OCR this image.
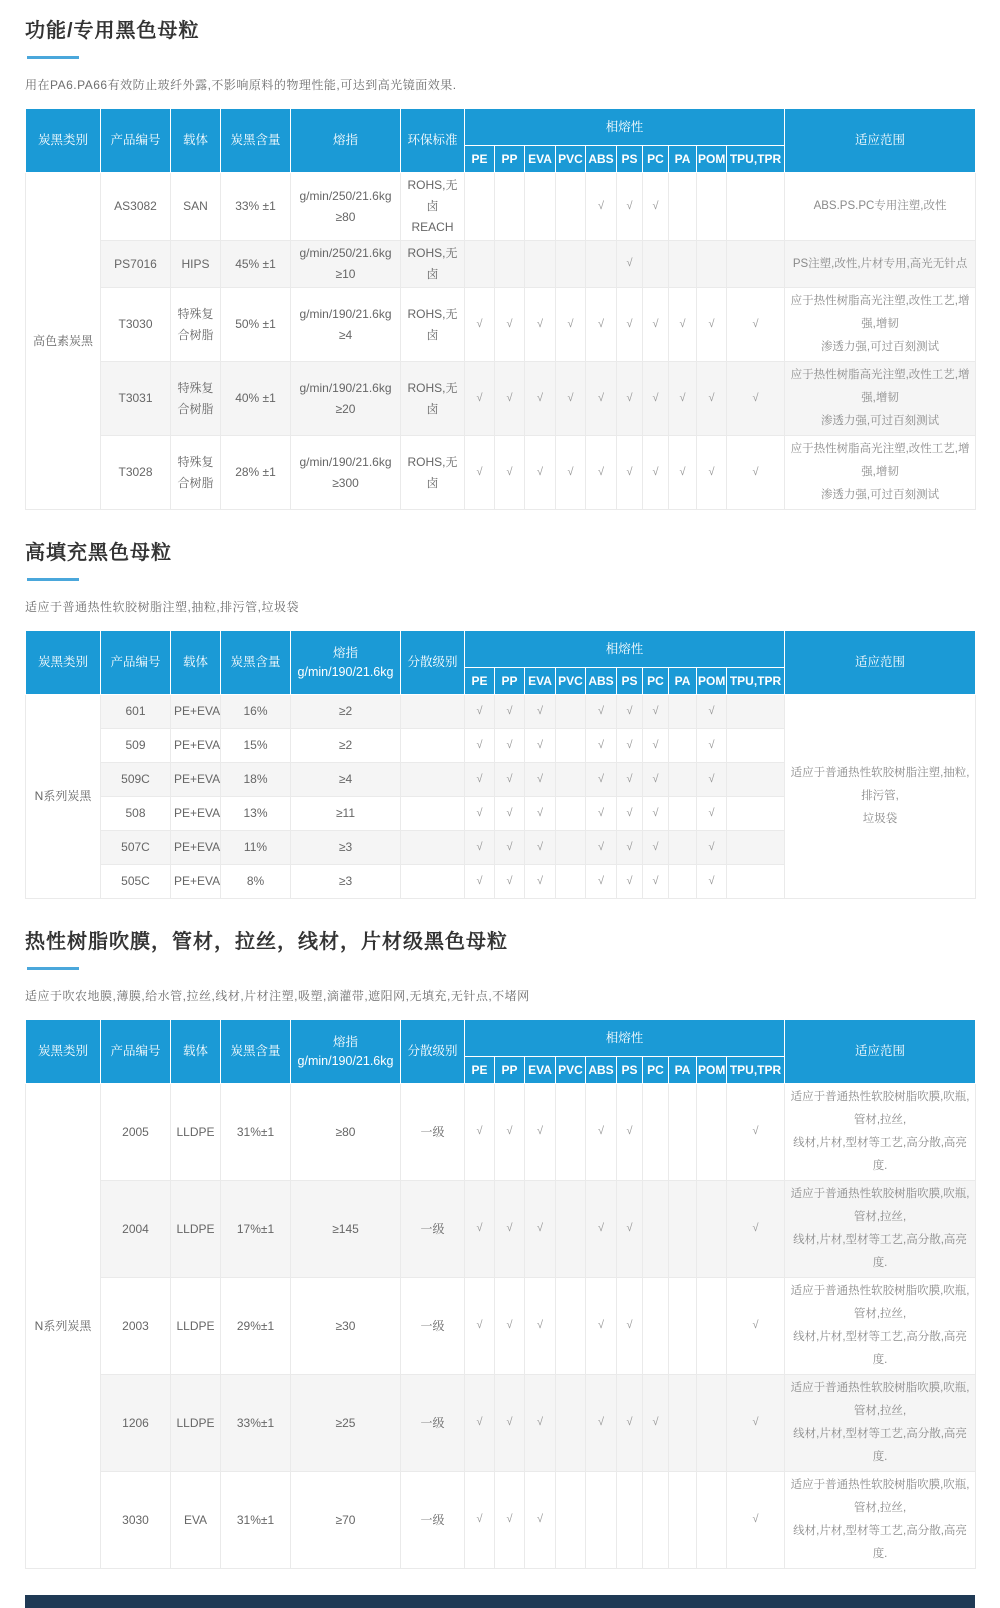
功能/专用黑色母粒

用在PA6.PA66有效防止玻纤外露,不影响原料的物理性能,可达到高光镜面效果.

炭黑类别	产品编号	载体	炭黑含量	熔指	环保标准	相熔性										适应范围
						PE	PP	EVA	PVC	ABS	PS	PC	PA	POM	TPU,TPR	
高色素炭黑	AS3082	SAN	33% ±1	g/min/250/21.6kg
≥80	ROHS,无卤
REACH					√	√	√				ABS.PS.PC专用注塑,改性
	PS7016	HIPS	45% ±1	g/min/250/21.6kg
≥10	ROHS,无卤						√					PS注塑,改性,片材专用,高光无针点
	T3030	特殊复合树脂	50% ±1	g/min/190/21.6kg
≥4	ROHS,无卤	√	√	√	√	√	√	√	√	√	√	应于热性树脂高光注塑,改性工艺,增强,增韧
渗透力强,可过百刻测试
	T3031	特殊复合树脂	40% ±1	g/min/190/21.6kg
≥20	ROHS,无卤	√	√	√	√	√	√	√	√	√	√	应于热性树脂高光注塑,改性工艺,增强,增韧
渗透力强,可过百刻测试
	T3028	特殊复合树脂	28% ±1	g/min/190/21.6kg
≥300	ROHS,无卤	√	√	√	√	√	√	√	√	√	√	应于热性树脂高光注塑,改性工艺,增强,增韧
渗透力强,可过百刻测试
高填充黑色母粒

适应于普通热性软胶树脂注塑,抽粒,排污管,垃圾袋

炭黑类别	产品编号	载体	炭黑含量	熔指
g/min/190/21.6kg	分散级别	相熔性										适应范围
						PE	PP	EVA	PVC	ABS	PS	PC	PA	POM	TPU,TPR	
N系列炭黑	601	PE+EVA	16%	≥2		√	√	√		√	√	√		√		适应于普通热性软胶树脂注塑,抽粒,排污管,
垃圾袋
	509	PE+EVA	15%	≥2		√	√	√		√	√	√		√		
	509C	PE+EVA	18%	≥4		√	√	√		√	√	√		√		
	508	PE+EVA	13%	≥11		√	√	√		√	√	√		√		
	507C	PE+EVA	11%	≥3		√	√	√		√	√	√		√		
	505C	PE+EVA	8%	≥3		√	√	√		√	√	√		√		
热性树脂吹膜，管材，拉丝，线材，片材级黑色母粒

适应于吹农地膜,薄膜,给水管,拉丝,线材,片材注塑,吸塑,滴灌带,遮阳网,无填充,无针点,不堵网

炭黑类别	产品编号	载体	炭黑含量	熔指
g/min/190/21.6kg	分散级别	相熔性										适应范围
						PE	PP	EVA	PVC	ABS	PS	PC	PA	POM	TPU,TPR	
N系列炭黑	2005	LLDPE	31%±1	≥80	一级	√	√	√		√	√				√	适应于普通热性软胶树脂吹膜,吹瓶,管材,拉丝,
线材,片材,型材等工艺,高分散,高亮度.
	2004	LLDPE	17%±1	≥145	一级	√	√	√		√	√				√	适应于普通热性软胶树脂吹膜,吹瓶,管材,拉丝,
线材,片材,型材等工艺,高分散,高亮度.
	2003	LLDPE	29%±1	≥30	一级	√	√	√		√	√				√	适应于普通热性软胶树脂吹膜,吹瓶,管材,拉丝,
线材,片材,型材等工艺,高分散,高亮度.
	1206	LLDPE	33%±1	≥25	一级	√	√	√		√	√	√			√	适应于普通热性软胶树脂吹膜,吹瓶,管材,拉丝,
线材,片材,型材等工艺,高分散,高亮度.
	3030	EVA	31%±1	≥70	一级	√	√	√							√	适应于普通热性软胶树脂吹膜,吹瓶,管材,拉丝,
线材,片材,型材等工艺,高分散,高亮度.
